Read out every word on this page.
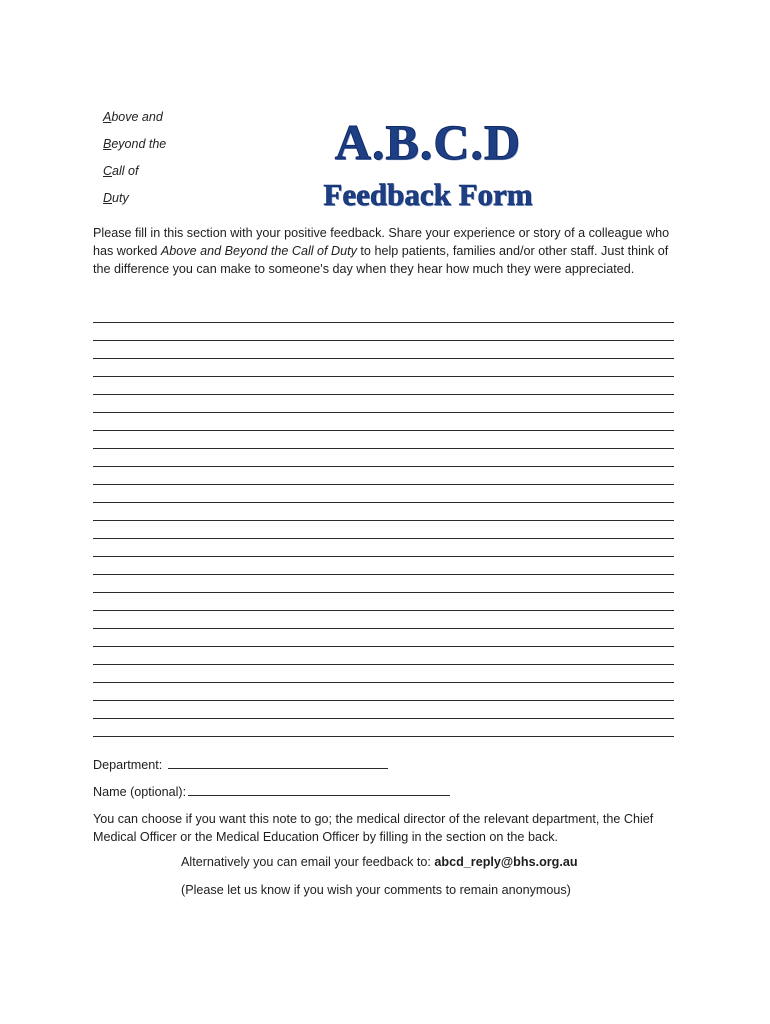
Above and
Beyond the
Call of
Duty
A.B.C.D
Feedback Form

Please fill in this section with your positive feedback. Share your experience or story of a colleague who has worked Above and Beyond the Call of Duty to help patients, families and/or other staff. Just think of the difference you can make to someone's day when they hear how much they were appreciated.

Department:
Name (optional):

You can choose if you want this note to go; the medical director of the relevant department, the Chief Medical Officer or the Medical Education Officer by filling in the section on the back.

Alternatively you can email your feedback to: abcd_reply@bhs.org.au
(Please let us know if you wish your comments to remain anonymous)
